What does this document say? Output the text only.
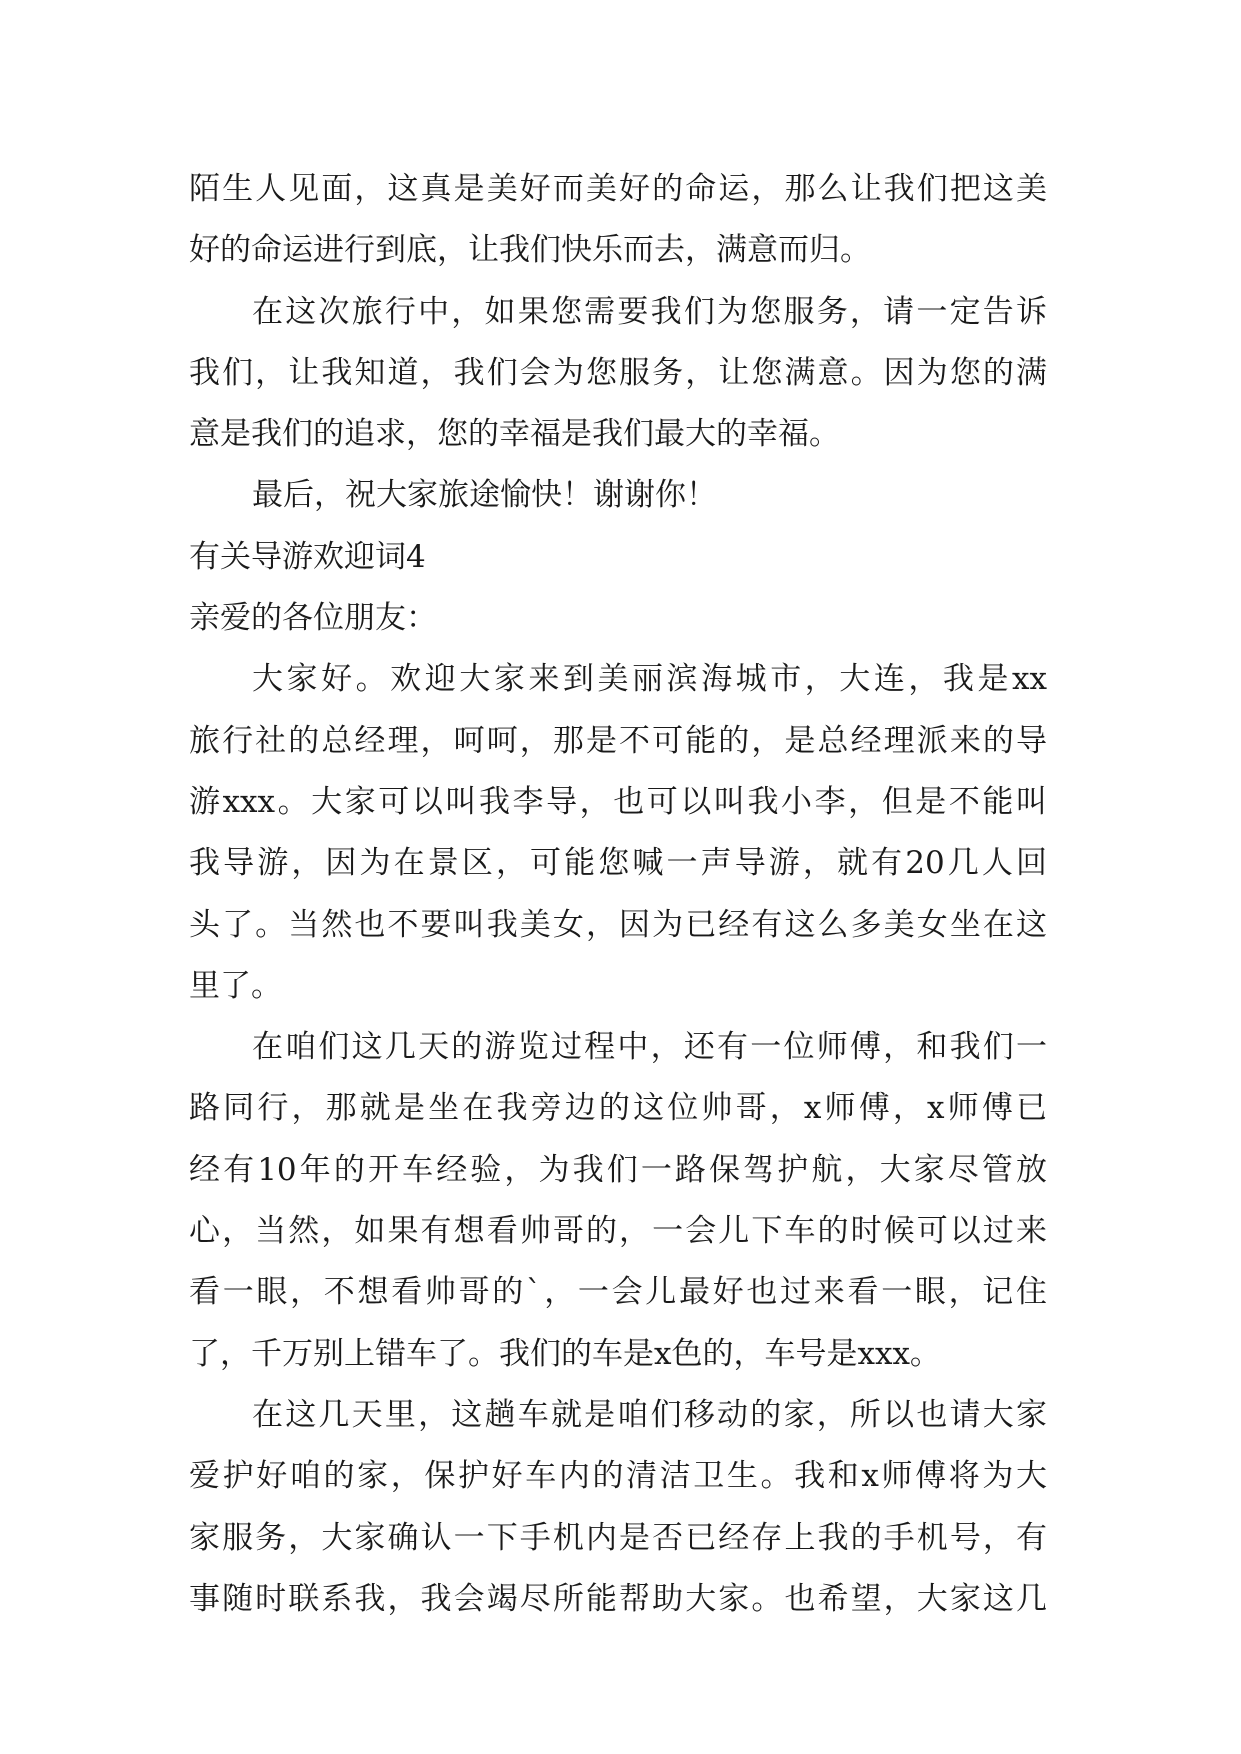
陌生人见面，这真是美好而美好的命运，那么让我们把这美
好的命运进行到底，让我们快乐而去，满意而归。
在这次旅行中，如果您需要我们为您服务，请一定告诉
我们，让我知道，我们会为您服务，让您满意。因为您的满
意是我们的追求，您的幸福是我们最大的幸福。
最后，祝大家旅途愉快！谢谢你！
有关导游欢迎词4
亲爱的各位朋友：
大家好。欢迎大家来到美丽滨海城市，大连，我是xx
旅行社的总经理，呵呵，那是不可能的，是总经理派来的导
游xxx。大家可以叫我李导，也可以叫我小李，但是不能叫
我导游，因为在景区，可能您喊一声导游，就有20几人回
头了。当然也不要叫我美女，因为已经有这么多美女坐在这
里了。
在咱们这几天的游览过程中，还有一位师傅，和我们一
路同行，那就是坐在我旁边的这位帅哥，x师傅，x师傅已
经有10年的开车经验，为我们一路保驾护航，大家尽管放
心，当然，如果有想看帅哥的，一会儿下车的时候可以过来
看一眼，不想看帅哥的`，一会儿最好也过来看一眼，记住
了，千万别上错车了。我们的车是x色的，车号是xxx。
在这几天里，这趟车就是咱们移动的家，所以也请大家
爱护好咱的家，保护好车内的清洁卫生。我和x师傅将为大
家服务，大家确认一下手机内是否已经存上我的手机号，有
事随时联系我，我会竭尽所能帮助大家。也希望，大家这几
